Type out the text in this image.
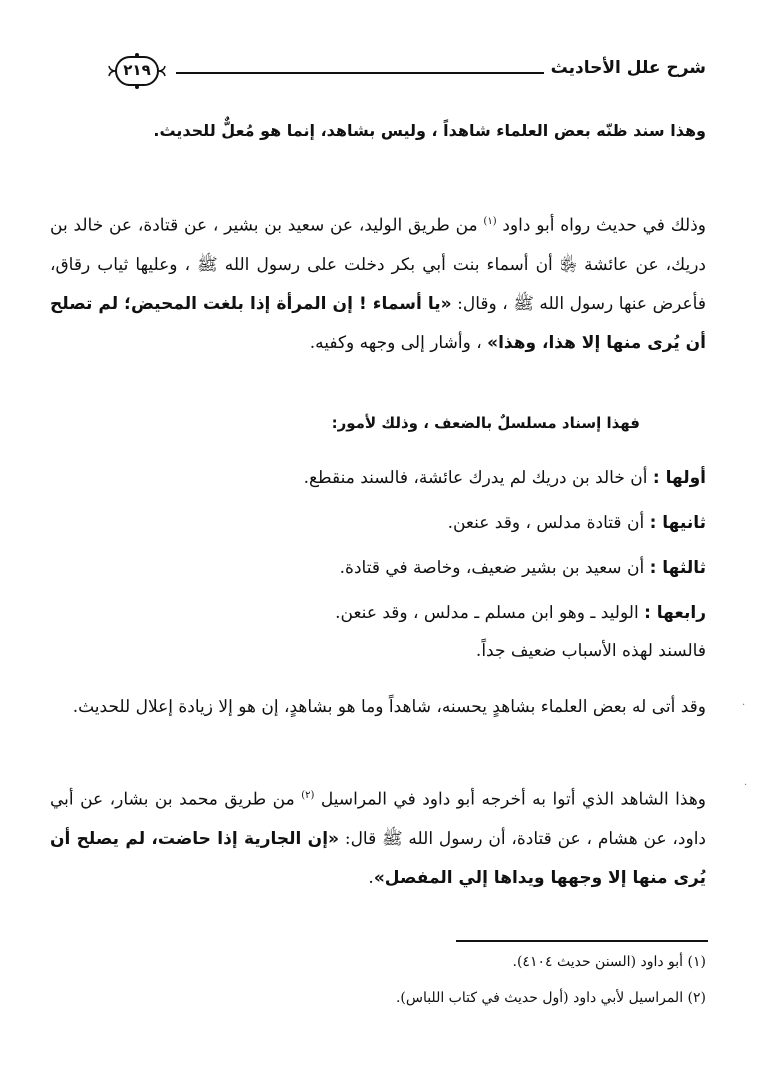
شرح علل الأحاديث
٢١٩

وهذا سند ظنّه بعض العلماء شاهداً ، وليس بشاهد، إنما هو مُعلٌّ للحديث.

وذلك في حديث رواه أبو داود $^{(١)}$ من طريق الوليد، عن سعيد بن بشير ، عن قتادة، عن خالد بن دريك، عن عائشة ﵂ أن أسماء بنت أبي بكر دخلت على رسول الله ﷺ ، وعليها ثياب رقاق، فأعرض عنها رسول الله ﷺ ، وقال: «يا أسماء ! إن المرأة إذا بلغت المحيض؛ لم تصلح أن يُرى منها إلا هذا، وهذا» ، وأشار إلى وجهه وكفيه.

فهذا إسناد مسلسلٌ بالضعف ، وذلك لأمور:
أولها : أن خالد بن دريك لم يدرك عائشة، فالسند منقطع.
ثانيها : أن قتادة مدلس ، وقد عنعن.
ثالثها : أن سعيد بن بشير ضعيف، وخاصة في قتادة.
رابعها : الوليد ـ وهو ابن مسلم ـ مدلس ، وقد عنعن.
فالسند لهذه الأسباب ضعيف جداً.

وقد أتى له بعض العلماء بشاهدٍ يحسنه، شاهداً وما هو بشاهدٍ، إن هو إلا زيادة إعلال للحديث.

وهذا الشاهد الذي أتوا به أخرجه أبو داود في المراسيل $^{(٢)}$ من طريق محمد بن بشار، عن أبي داود، عن هشام ، عن قتادة، أن رسول الله ﷺ قال: «إن الجارية إذا حاضت، لم يصلح أن يُرى منها إلا وجهها ويداها إلي المفصل».

(١) أبو داود (السنن حديث ٤١٠٤).
(٢) المراسيل لأبي داود (أول حديث في كتاب اللباس).
·
·
